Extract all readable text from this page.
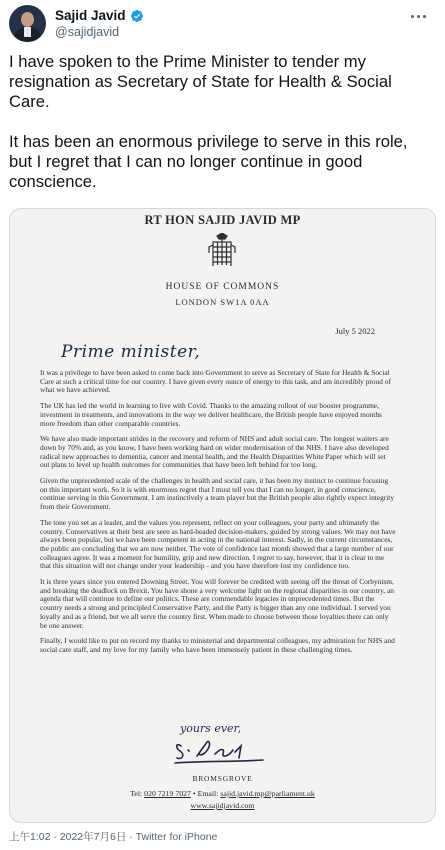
Sajid Javid
@sajidjavid

I have spoken to the Prime Minister to tender my resignation as Secretary of State for Health & Social Care.

It has been an enormous privilege to serve in this role, but I regret that I can no longer continue in good conscience.

RT HON SAJID JAVID MP
HOUSE OF COMMONS
LONDON SW1A 0AA
July 5 2022
Prime minister,

It was a privilege to have been asked to come back into Government to serve as Secretary of State for Health & Social Care at such a critical time for our country. I have given every ounce of energy to this task, and am incredibly proud of what we have achieved.

The UK has led the world in learning to live with Covid. Thanks to the amazing rollout of our booster programme, investment in treatments, and innovations in the way we deliver healthcare, the British people have enjoyed months more freedom than other comparable countries.

We have also made important strides in the recovery and reform of NHS and adult social care. The longest waiters are down by 70% and, as you know, I have been working hard on wider modernisation of the NHS. I have also developed radical new approaches to dementia, cancer and mental health, and the Health Disparities White Paper which will set out plans to level up health outcomes for communities that have been left behind for too long.

Given the unprecedented scale of the challenges in health and social care, it has been my instinct to continue focusing on this important work. So it is with enormous regret that I must tell you that I can no longer, in good conscience, continue serving in this Government. I am instinctively a team player but the British people also rightly expect integrity from their Government.

The tone you set as a leader, and the values you represent, reflect on your colleagues, your party and ultimately the country. Conservatives at their best are seen as hard-headed decision-makers, guided by strong values. We may not have always been popular, but we have been competent in acting in the national interest. Sadly, in the current circumstances, the public are concluding that we are now neither. The vote of confidence last month showed that a large number of our colleagues agree. It was a moment for humility, grip and new direction. I regret to say, however, that it is clear to me that this situation will not change under your leadership - and you have therefore lost my confidence too.

It is three years since you entered Downing Street. You will forever be credited with seeing off the threat of Corbynism, and breaking the deadlock on Brexit. You have shone a very welcome light on the regional disparities in our country, an agenda that will continue to define our politics. These are commendable legacies in unprecedented times. But the country needs a strong and principled Conservative Party, and the Party is bigger than any one individual. I served you loyally and as a friend, but we all serve the country first. When made to choose between those loyalties there can only be one answer.

Finally, I would like to put on record my thanks to ministerial and departmental colleagues, my admiration for NHS and social care staff, and my love for my family who have been immensely patient in these challenging times.

yours ever,
BROMSGROVE
Tel: 020 7219 7027 • Email: sajid.javid.mp@parliament.uk
www.sajidjavid.com
上午1:02 · 2022年7月6日 · Twitter for iPhone
